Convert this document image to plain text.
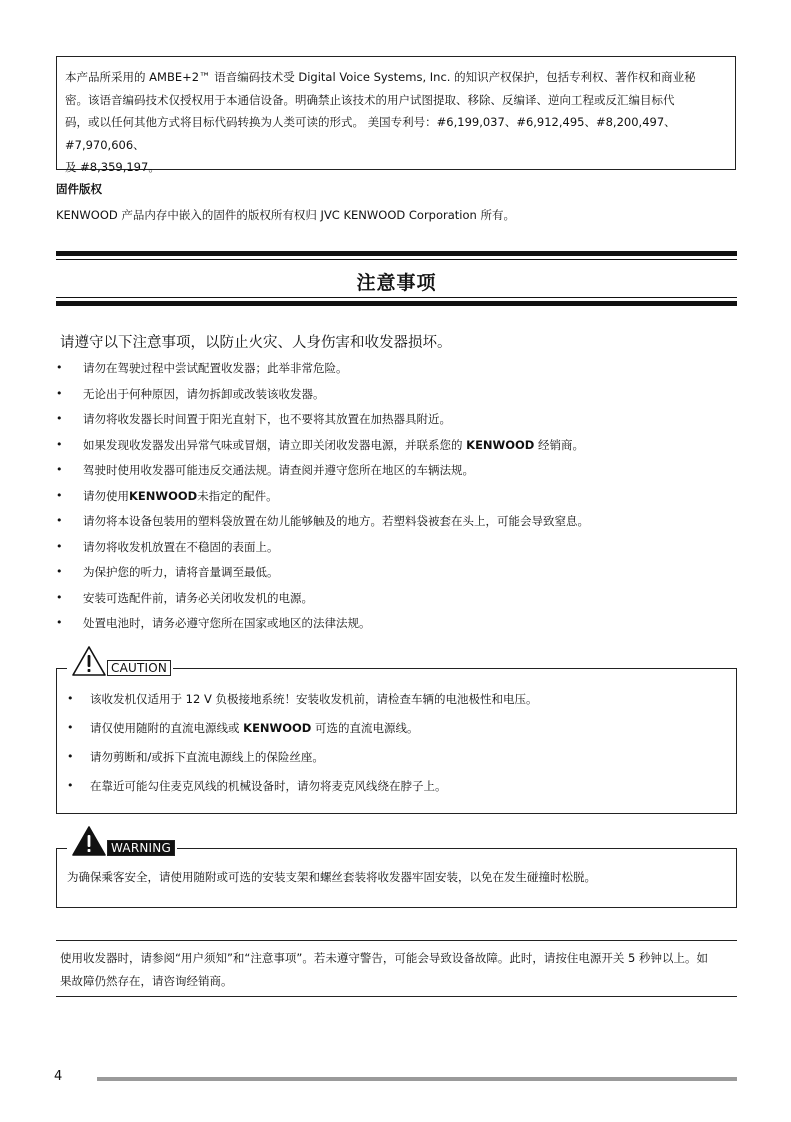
本产品所采用的 AMBE+2™ 语音编码技术受 Digital Voice Systems, Inc. 的知识产权保护，包括专利权、著作权和商业秘
密。该语音编码技术仅授权用于本通信设备。明确禁止该技术的用户试图提取、移除、反编译、逆向工程或反汇编目标代
码，或以任何其他方式将目标代码转换为人类可读的形式。 美国专利号：#6,199,037、#6,912,495、#8,200,497、
#7,970,606、
及 #8,359,197。

固件版权

KENWOOD 产品内存中嵌入的固件的版权所有权归 JVC KENWOOD Corporation 所有。

注意事项

请遵守以下注意事项，以防止火灾、人身伤害和收发器损坏。

• 请勿在驾驶过程中尝试配置收发器；此举非常危险。
• 无论出于何种原因，请勿拆卸或改装该收发器。
• 请勿将收发器长时间置于阳光直射下，也不要将其放置在加热器具附近。
• 如果发现收发器发出异常气味或冒烟，请立即关闭收发器电源，并联系您的 KENWOOD 经销商。
• 驾驶时使用收发器可能违反交通法规。请查阅并遵守您所在地区的车辆法规。
• 请勿使用KENWOOD未指定的配件。
• 请勿将本设备包装用的塑料袋放置在幼儿能够触及的地方。若塑料袋被套在头上，可能会导致窒息。
• 请勿将收发机放置在不稳固的表面上。
• 为保护您的听力，请将音量调至最低。
• 安装可选配件前，请务必关闭收发机的电源。
• 处置电池时，请务必遵守您所在国家或地区的法律法规。
CAUTION
• 该收发机仅适用于 12 V 负极接地系统！安装收发机前，请检查车辆的电池极性和电压。
• 请仅使用随附的直流电源线或 KENWOOD 可选的直流电源线。
• 请勿剪断和/或拆下直流电源线上的保险丝座。
• 在靠近可能勾住麦克风线的机械设备时，请勿将麦克风线绕在脖子上。
WARNING

为确保乘客安全，请使用随附或可选的安装支架和螺丝套装将收发器牢固安装，以免在发生碰撞时松脱。

使用收发器时，请参阅“用户须知”和“注意事项”。若未遵守警告，可能会导致设备故障。此时，请按住电源开关 5 秒钟以上。如
果故障仍然存在，请咨询经销商。

4
